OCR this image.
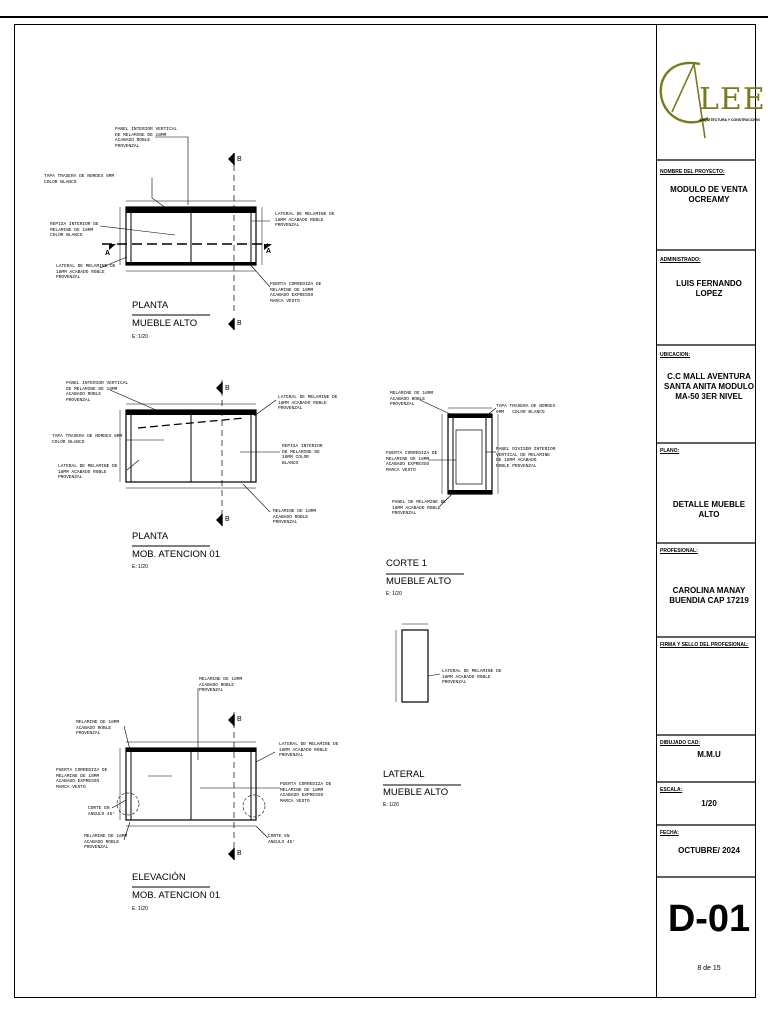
LEE
ARQUITECTURA Y CONSTRUCCION
NOMBRE DEL PROYECTO:
MODULO DE VENTA OCREAMY
ADMINISTRADO:
LUIS FERNANDO LOPEZ
UBICACION:
C.C MALL AVENTURA SANTA ANITA MODULO MA-50 3ER NIVEL
PLANO:
DETALLE MUEBLE ALTO
PROFESIONAL:
CAROLINA MANAY BUENDIA CAP 17219
FIRMA Y SELLO DEL PROFESIONAL:
DIBUJADO CAD:
M.M.U
ESCALA:
1/20
FECHA:
OCTUBRE/ 2024
D-01
8 de 15
PLANTA
MUEBLE ALTO
E: 1/20
PLANTA
MOB. ATENCION 01
E: 1/20
ELEVACIÓN
MOB. ATENCION 01
E: 1/20
CORTE 1
MUEBLE ALTO
E: 1/20
LATERAL
MUEBLE ALTO
E: 1/20
A	A
B
B
B
B
B
B
PANEL INTERIOR VERTICAL
DE MELAMINE DE 18MM
ACABADO ROBLE
PROVENZAL
TAPA TRASERA DE NORDEX 6MM
COLOR BLANCO
REPISA INTERIOR DE
MELAMINE DE 18MM
COLOR BLANCO
LATERAL DE MELAMINE DE
18MM ACABADO ROBLE
PROVENZAL
LATERAL DE MELAMINE DE
18MM ACABADO ROBLE
PROVENZAL
PUERTA CORREDIZA DE
MELAMINE DE 18MM
ACABADO EXPRESSO
MARCA VESTO
PANEL INTERIOR VERTICAL
DE MELAMINE DE 18MM
ACABADO ROBLE
PROVENZAL
TAPA TRASERA DE NORDEX 6MM
COLOR BLANCO
LATERAL DE MELAMINE DE
18MM ACABADO ROBLE
PROVENZAL
LATERAL DE MELAMINE DE
18MM ACABADO ROBLE
PROVENZAL
REPISA INTERIOR
DE MELAMINE DE
18MM COLOR
BLANCO
MELAMINE DE 18MM
ACABADO ROBLE
PROVENZAL
MELAMINE DE 18MM
ACABADO ROBLE
PROVENZAL	TAPA TRASERA DE NORDEX
6MM   COLOR BLANCO
PUERTA CORREDIZA DE
MELAMINE DE 18MM
ACABADO EXPRESSO
MARCA VESTO
PANEL DIVISOR INTERIOR
VERTICAL DE MELAMINE
DE 18MM ACABADO
ROBLE PROVENZAL
PANEL DE MELAMINE DE
18MM ACABADO ROBLE
PROVENZAL
LATERAL DE MELAMINE DE
18MM ACABADO ROBLE
PROVENZAL
MELAMINE DE 18MM
ACABADO ROBLE
PROVENZAL
MELAMINE DE 18MM
ACABADO ROBLE
PROVENZAL
LATERAL DE MELAMINE DE
18MM ACABADO ROBLE
PROVENZAL
PUERTA CORREDIZA DE
MELAMINE DE 18MM
ACABADO EXPRESSO
MARCA VESTO	PUERTA CORREDIZA DE
MELAMINE DE 18MM
ACABADO EXPRESSO
MARCA VESTO
CORTE EN
ANGULO 45°
CORTE EN
ANGULO 45°
MELAMINE DE 18MM
ACABADO ROBLE
PROVENZAL
